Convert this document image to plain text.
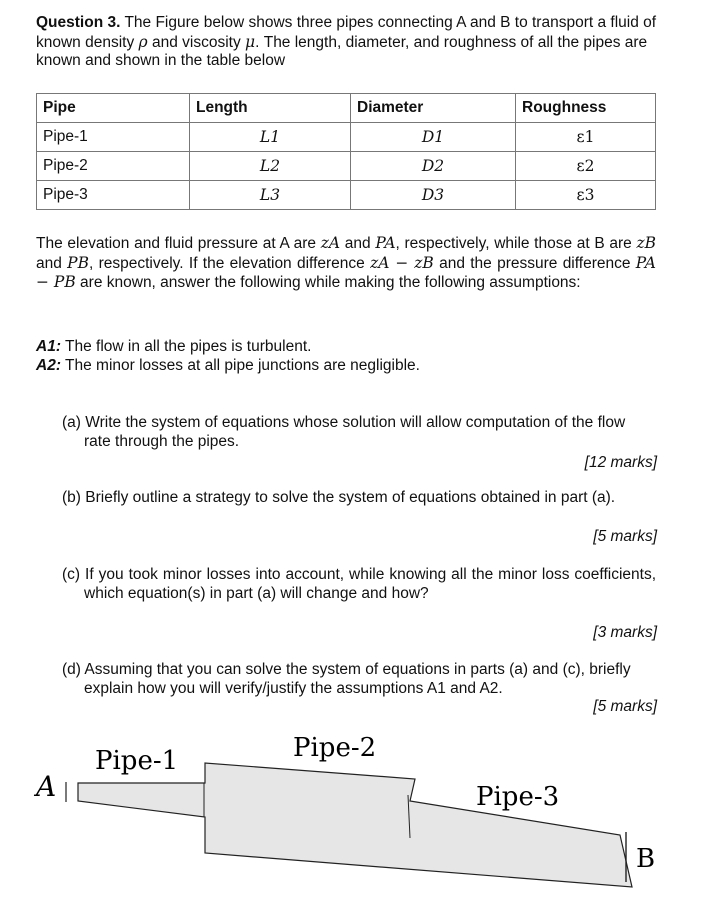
Question 3. The Figure below shows three pipes connecting A and B to transport a fluid of known density ρ and viscosity μ. The length, diameter, and roughness of all the pipes are known and shown in the table below
Pipe	Length	Diameter	Roughness
Pipe-1	L1	D1	ε1
Pipe-2	L2	D2	ε2
Pipe-3	L3	D3	ε3
The elevation and fluid pressure at A are zA and PA, respectively, while those at B are zB and PB, respectively. If the elevation difference zA − zB and the pressure difference PA − PB are known, answer the following while making the following assumptions:
A1: The flow in all the pipes is turbulent.
A2: The minor losses at all pipe junctions are negligible.
(a) Write the system of equations whose solution will allow computation of the flow rate through the pipes.
[12 marks]
(b) Briefly outline a strategy to solve the system of equations obtained in part (a).
[5 marks]
(c) If you took minor losses into account, while knowing all the minor loss coefficients, which equation(s) in part (a) will change and how?
[3 marks]
(d) Assuming that you can solve the system of equations in parts (a) and (c), briefly explain how you will verify/justify the assumptions A1 and A2.
[5 marks]
Pipe-1	Pipe-2
Pipe-3
A
B
